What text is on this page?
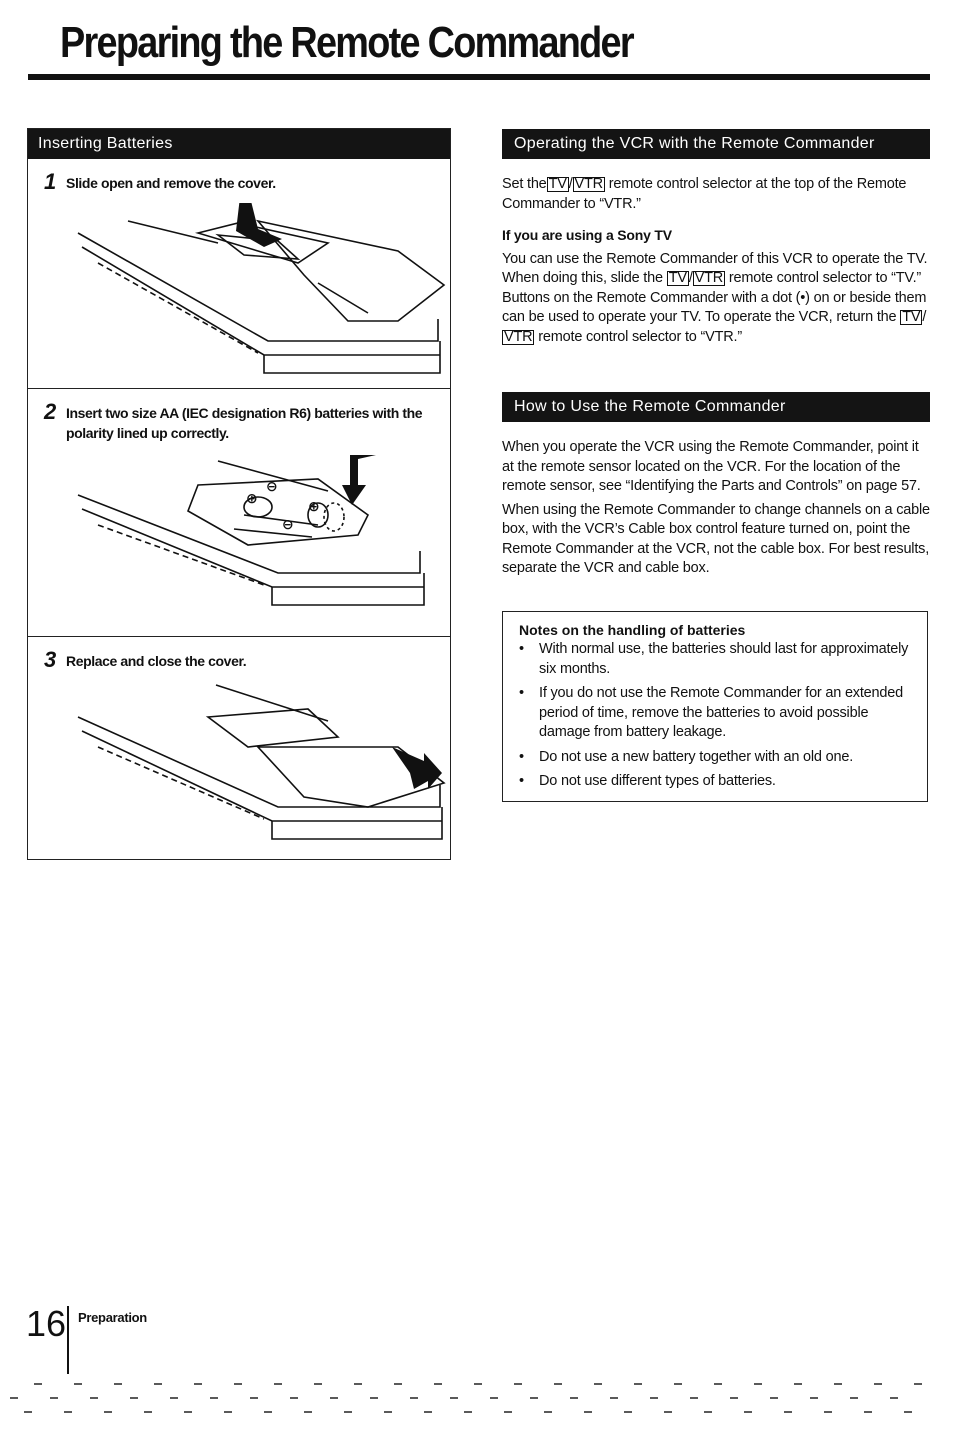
Preparing the Remote Commander
Inserting Batteries
1 Slide open and remove the cover.
2 Insert two size AA (IEC designation R6) batteries with the polarity lined up correctly.
⊕
⊖
⊕
⊖
3 Replace and close the cover.
Operating the VCR with the Remote Commander

Set the TV / VTR remote control selector at the top of the Remote Commander to “VTR.”

If you are using a Sony TV

You can use the Remote Commander of this VCR to operate the TV. When doing this, slide the TV / VTR remote control selector to “TV.” Buttons on the Remote Commander with a dot (•) on or beside them can be used to operate your TV. To operate the VCR, return the TV /VTR remote control selector to “VTR.”

How to Use the Remote Commander

When you operate the VCR using the Remote Commander, point it at the remote sensor located on the VCR. For the location of the remote sensor, see “Identifying the Parts and Controls” on page 57.

When using the Remote Commander to change channels on a cable box, with the VCR’s Cable box control feature turned on, point the Remote Commander at the VCR, not the cable box. For best results, separate the VCR and cable box.

Notes on the handling of batteries
• With normal use, the batteries should last for approximately six months.
• If you do not use the Remote Commander for an extended period of time, remove the batteries to avoid possible damage from battery leakage.
• Do not use a new battery together with an old one.
• Do not use different types of batteries.
16 Preparation
